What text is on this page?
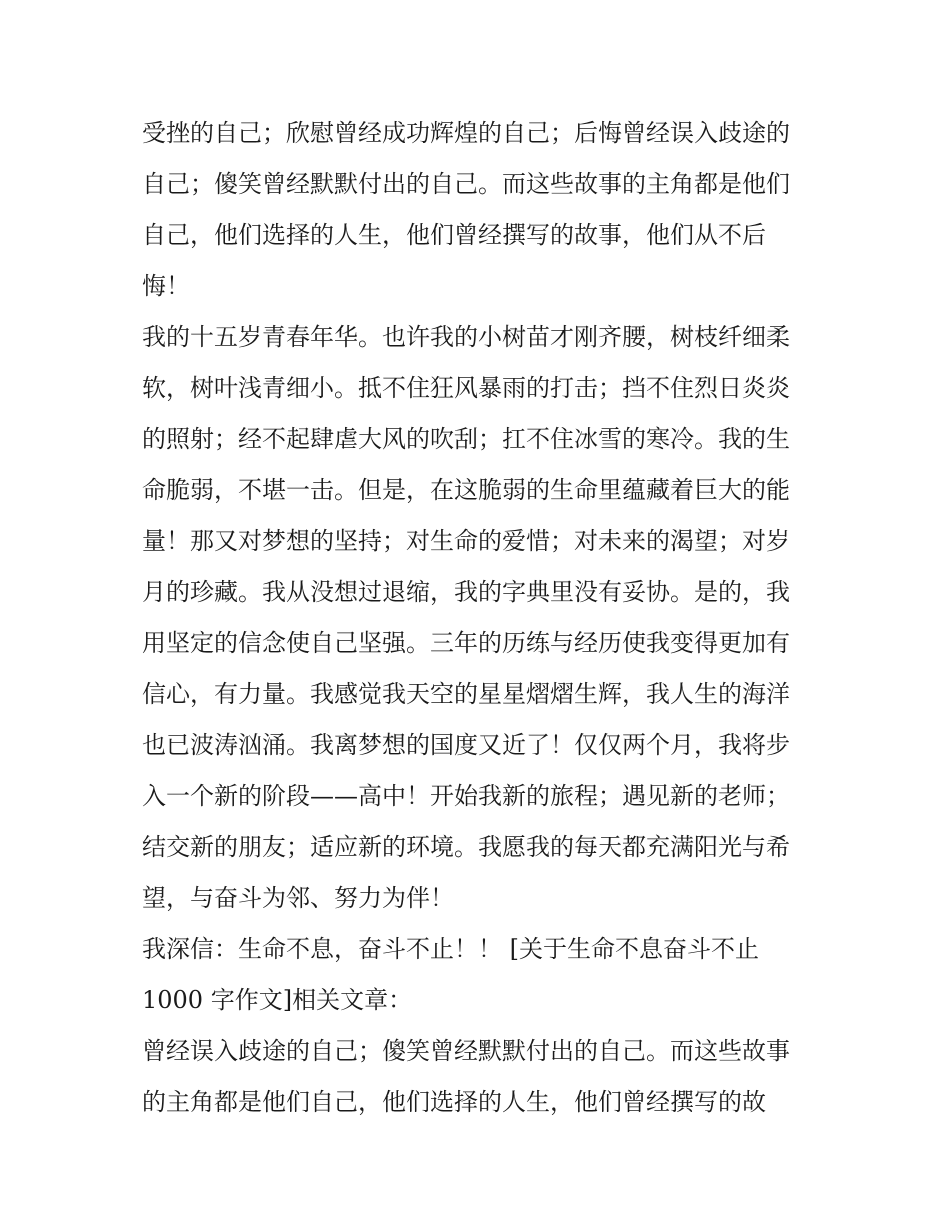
受挫的自己；欣慰曾经成功辉煌的自己；后悔曾经误入歧途的
自己；傻笑曾经默默付出的自己。而这些故事的主角都是他们
自己，他们选择的人生，他们曾经撰写的故事，他们从不后
悔！
我的十五岁青春年华。也许我的小树苗才刚齐腰，树枝纤细柔
软，树叶浅青细小。抵不住狂风暴雨的打击；挡不住烈日炎炎
的照射；经不起肆虐大风的吹刮；扛不住冰雪的寒冷。我的生
命脆弱，不堪一击。但是，在这脆弱的生命里蕴藏着巨大的能
量！那又对梦想的坚持；对生命的爱惜；对未来的渴望；对岁
月的珍藏。我从没想过退缩，我的字典里没有妥协。是的，我
用坚定的信念使自己坚强。三年的历练与经历使我变得更加有
信心，有力量。我感觉我天空的星星熠熠生辉，我人生的海洋
也已波涛汹涌。我离梦想的国度又近了！仅仅两个月，我将步
入一个新的阶段——高中！开始我新的旅程；遇见新的老师；
结交新的朋友；适应新的环境。我愿我的每天都充满阳光与希
望，与奋斗为邻、努力为伴！
我深信：生命不息，奋斗不止！！ [关于生命不息奋斗不止
1000 字作文]相关文章：
曾经误入歧途的自己；傻笑曾经默默付出的自己。而这些故事
的主角都是他们自己，他们选择的人生，他们曾经撰写的故
